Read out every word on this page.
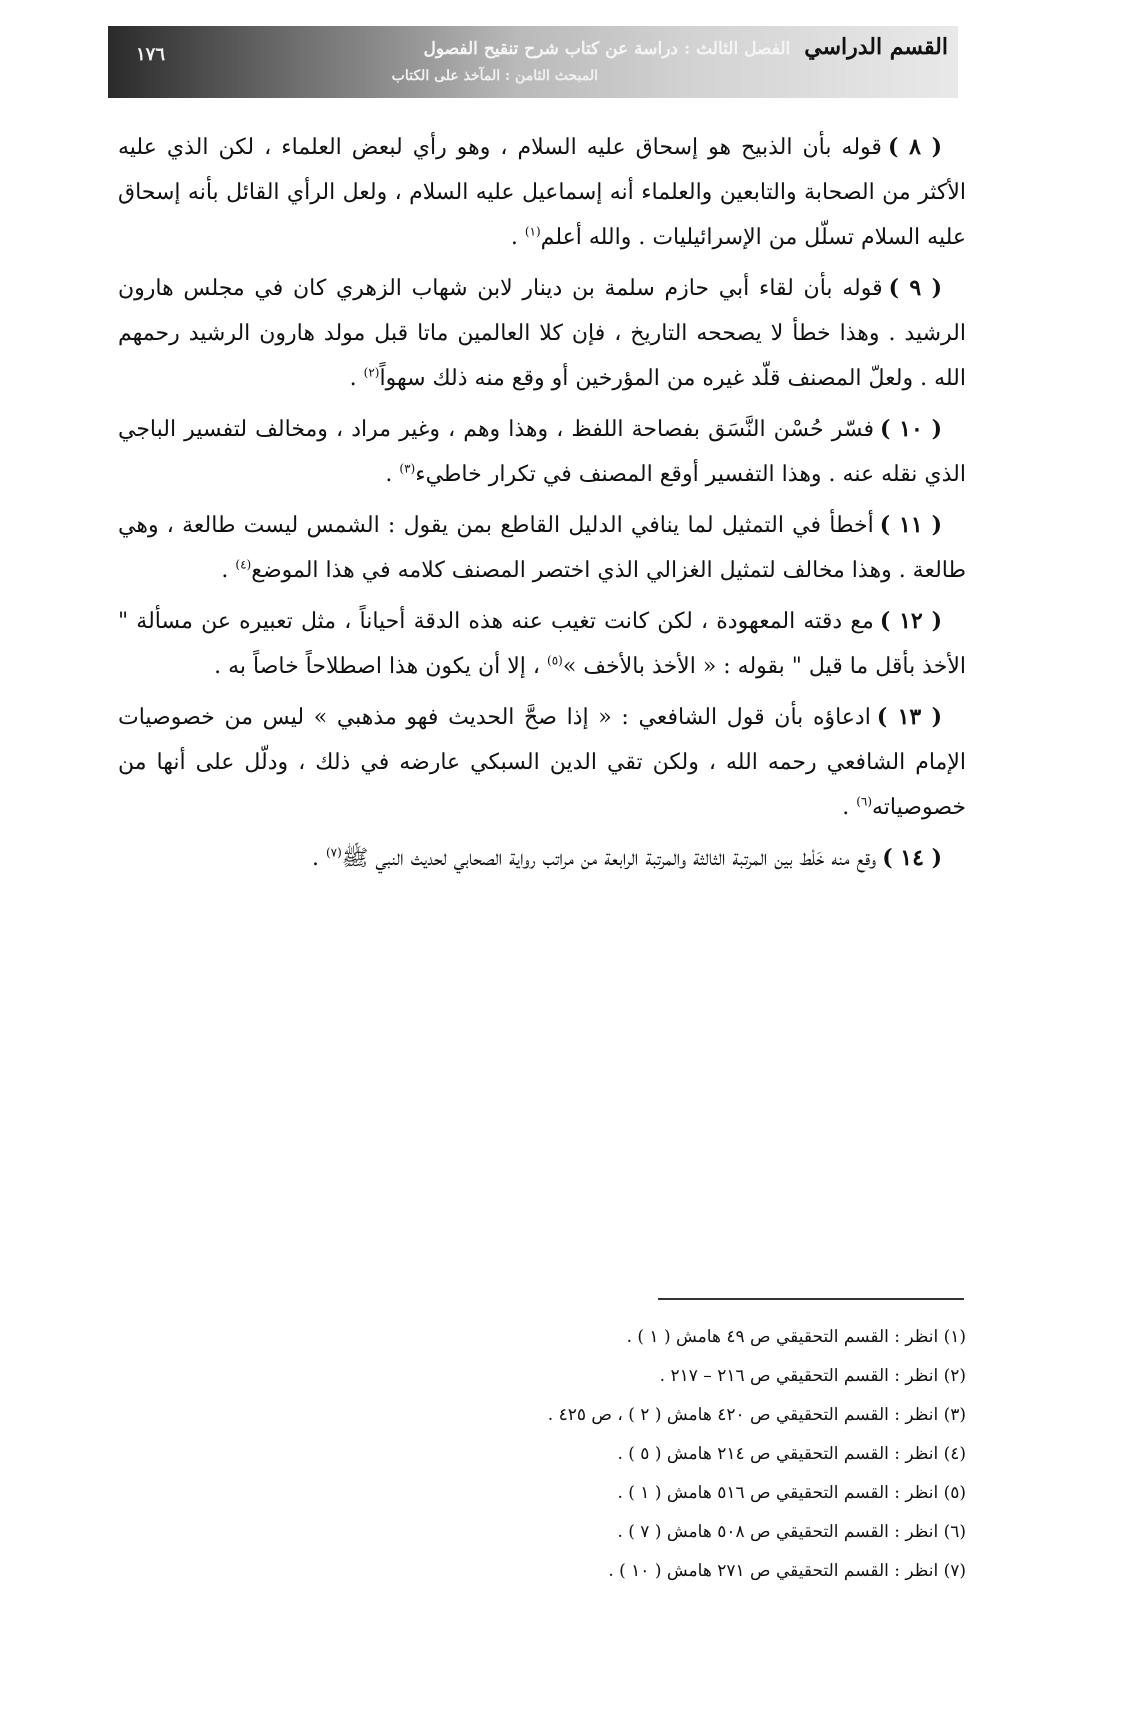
القسم الدراسيالفصل الثالث : دراسة عن كتاب شرح تنقيح الفصول
المبحث الثامن : المآخذ على الكتاب
١٧٦

( ٨ )قوله بأن الذبيح هو إسحاق عليه السلام ، وهو رأي لبعض العلماء ، لكن الذي عليه الأكثر من الصحابة والتابعين والعلماء أنه إسماعيل عليه السلام ، ولعل الرأي القائل بأنه إسحاق عليه السلام تسلّل من الإسرائيليات . والله أعلم$^{(١)}$ .

( ٩ )قوله بأن لقاء أبي حازم سلمة بن دينار لابن شهاب الزهري كان في مجلس هارون الرشيد . وهذا خطأ لا يصححه التاريخ ، فإن كلا العالمين ماتا قبل مولد هارون الرشيد رحمهم الله . ولعلّ المصنف قلّد غيره من المؤرخين أو وقع منه ذلك سهواً$^{(٢)}$ .

( ١٠ )فسّر حُسْن النَّسَق بفصاحة اللفظ ، وهذا وهم ، وغير مراد ، ومخالف لتفسير الباجي الذي نقله عنه . وهذا التفسير أوقع المصنف في تكرار خاطيء$^{(٣)}$ .

( ١١ )أخطأ في التمثيل لما ينافي الدليل القاطع بمن يقول : الشمس ليست طالعة ، وهي طالعة . وهذا مخالف لتمثيل الغزالي الذي اختصر المصنف كلامه في هذا الموضع$^{(٤)}$ .

( ١٢ )مع دقته المعهودة ، لكن كانت تغيب عنه هذه الدقة أحياناً ، مثل تعبيره عن مسألة " الأخذ بأقل ما قيل " بقوله : « الأخذ بالأخف »$^{(٥)}$ ، إلا أن يكون هذا اصطلاحاً خاصاً به .

( ١٣ )ادعاؤه بأن قول الشافعي : « إذا صحَّ الحديث فهو مذهبي » ليس من خصوصيات الإمام الشافعي رحمه الله ، ولكن تقي الدين السبكي عارضه في ذلك ، ودلّل على أنها من خصوصياته$^{(٦)}$ .

( ١٤ )وقع منه خَلْط بين المرتبة الثالثة والمرتبة الرابعة من مراتب رواية الصحابي لحديث النبي ﷺ$^{(٧)}$ .

(١) انظر : القسم التحقيقي ص ٤٩ هامش ( ١ ) .

(٢) انظر : القسم التحقيقي ص ٢١٦ – ٢١٧ .

(٣) انظر : القسم التحقيقي ص ٤٢٠ هامش ( ٢ ) ، ص ٤٢٥ .

(٤) انظر : القسم التحقيقي ص ٢١٤ هامش ( ٥ ) .

(٥) انظر : القسم التحقيقي ص ٥١٦ هامش ( ١ ) .

(٦) انظر : القسم التحقيقي ص ٥٠٨ هامش ( ٧ ) .

(٧) انظر : القسم التحقيقي ص ٢٧١ هامش ( ١٠ ) .
